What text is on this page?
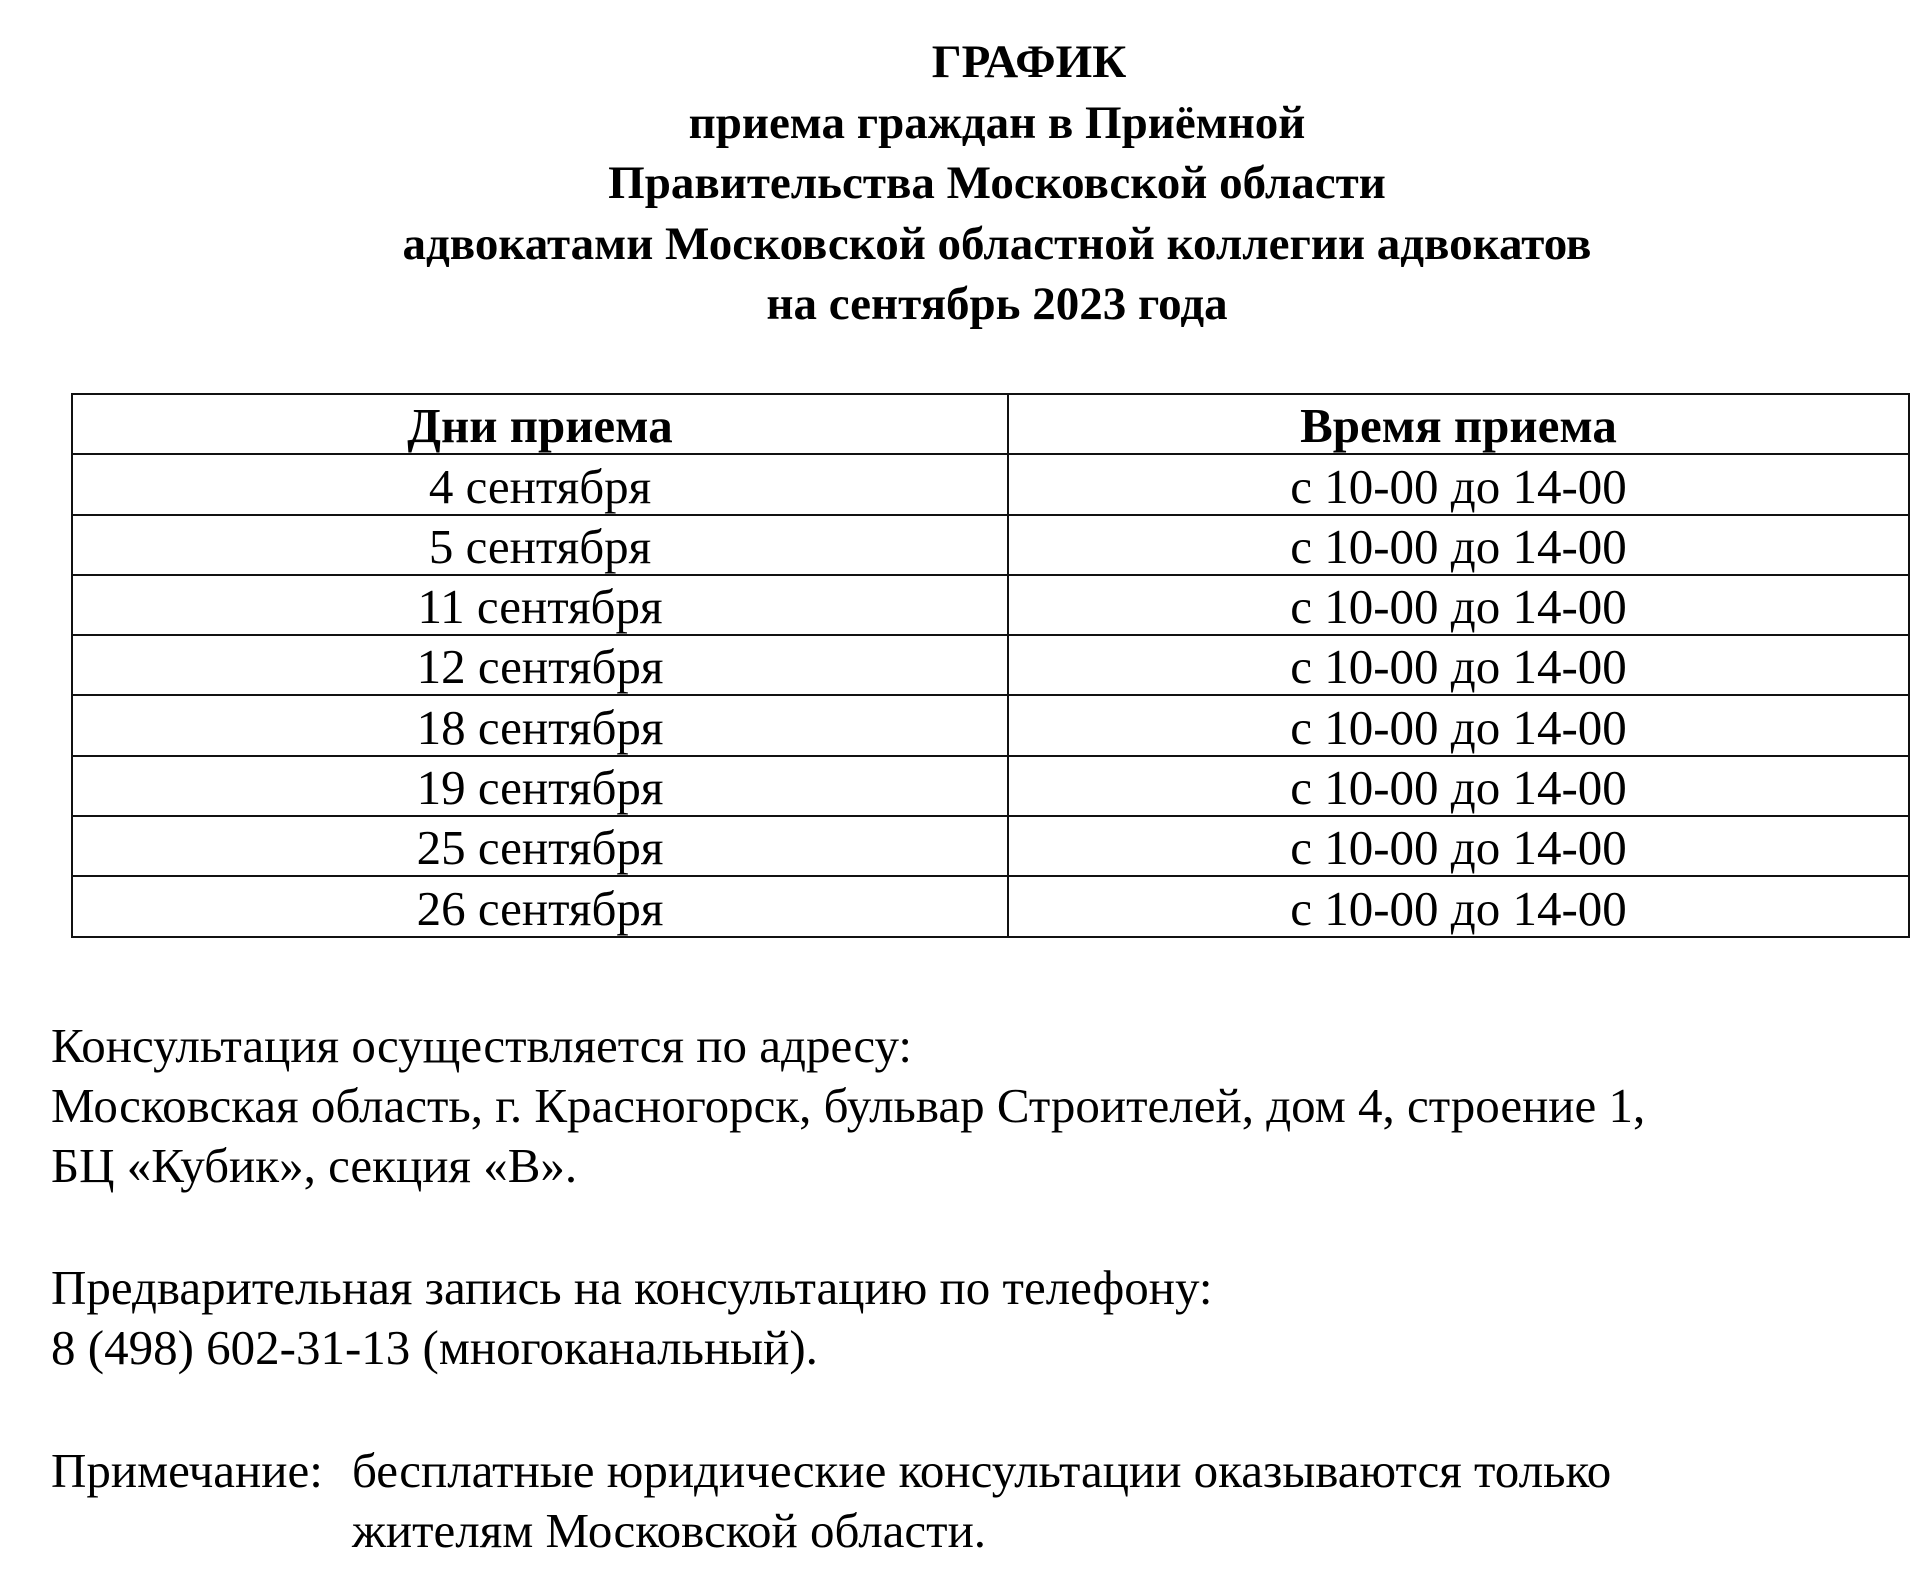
ГРАФИК
приема граждан в Приёмной
Правительства Московской области
адвокатами Московской областной коллегии адвокатов
на сентябрь 2023 года
Дни приема	Время приема
4 сентября	с 10-00 до 14-00
5 сентября	с 10-00 до 14-00
11 сентября	с 10-00 до 14-00
12 сентября	с 10-00 до 14-00
18 сентября	с 10-00 до 14-00
19 сентября	с 10-00 до 14-00
25 сентября	с 10-00 до 14-00
26 сентября	с 10-00 до 14-00

Консультация осуществляется по адресу:
Московская область, г. Красногорск, бульвар Строителей, дом 4, строение 1,
БЦ «Кубик», секция «В».

Предварительная запись на консультацию по телефону:
8 (498) 602-31-13 (многоканальный).

Примечание: бесплатные юридические консультации оказываются только
жителям Московской области.
